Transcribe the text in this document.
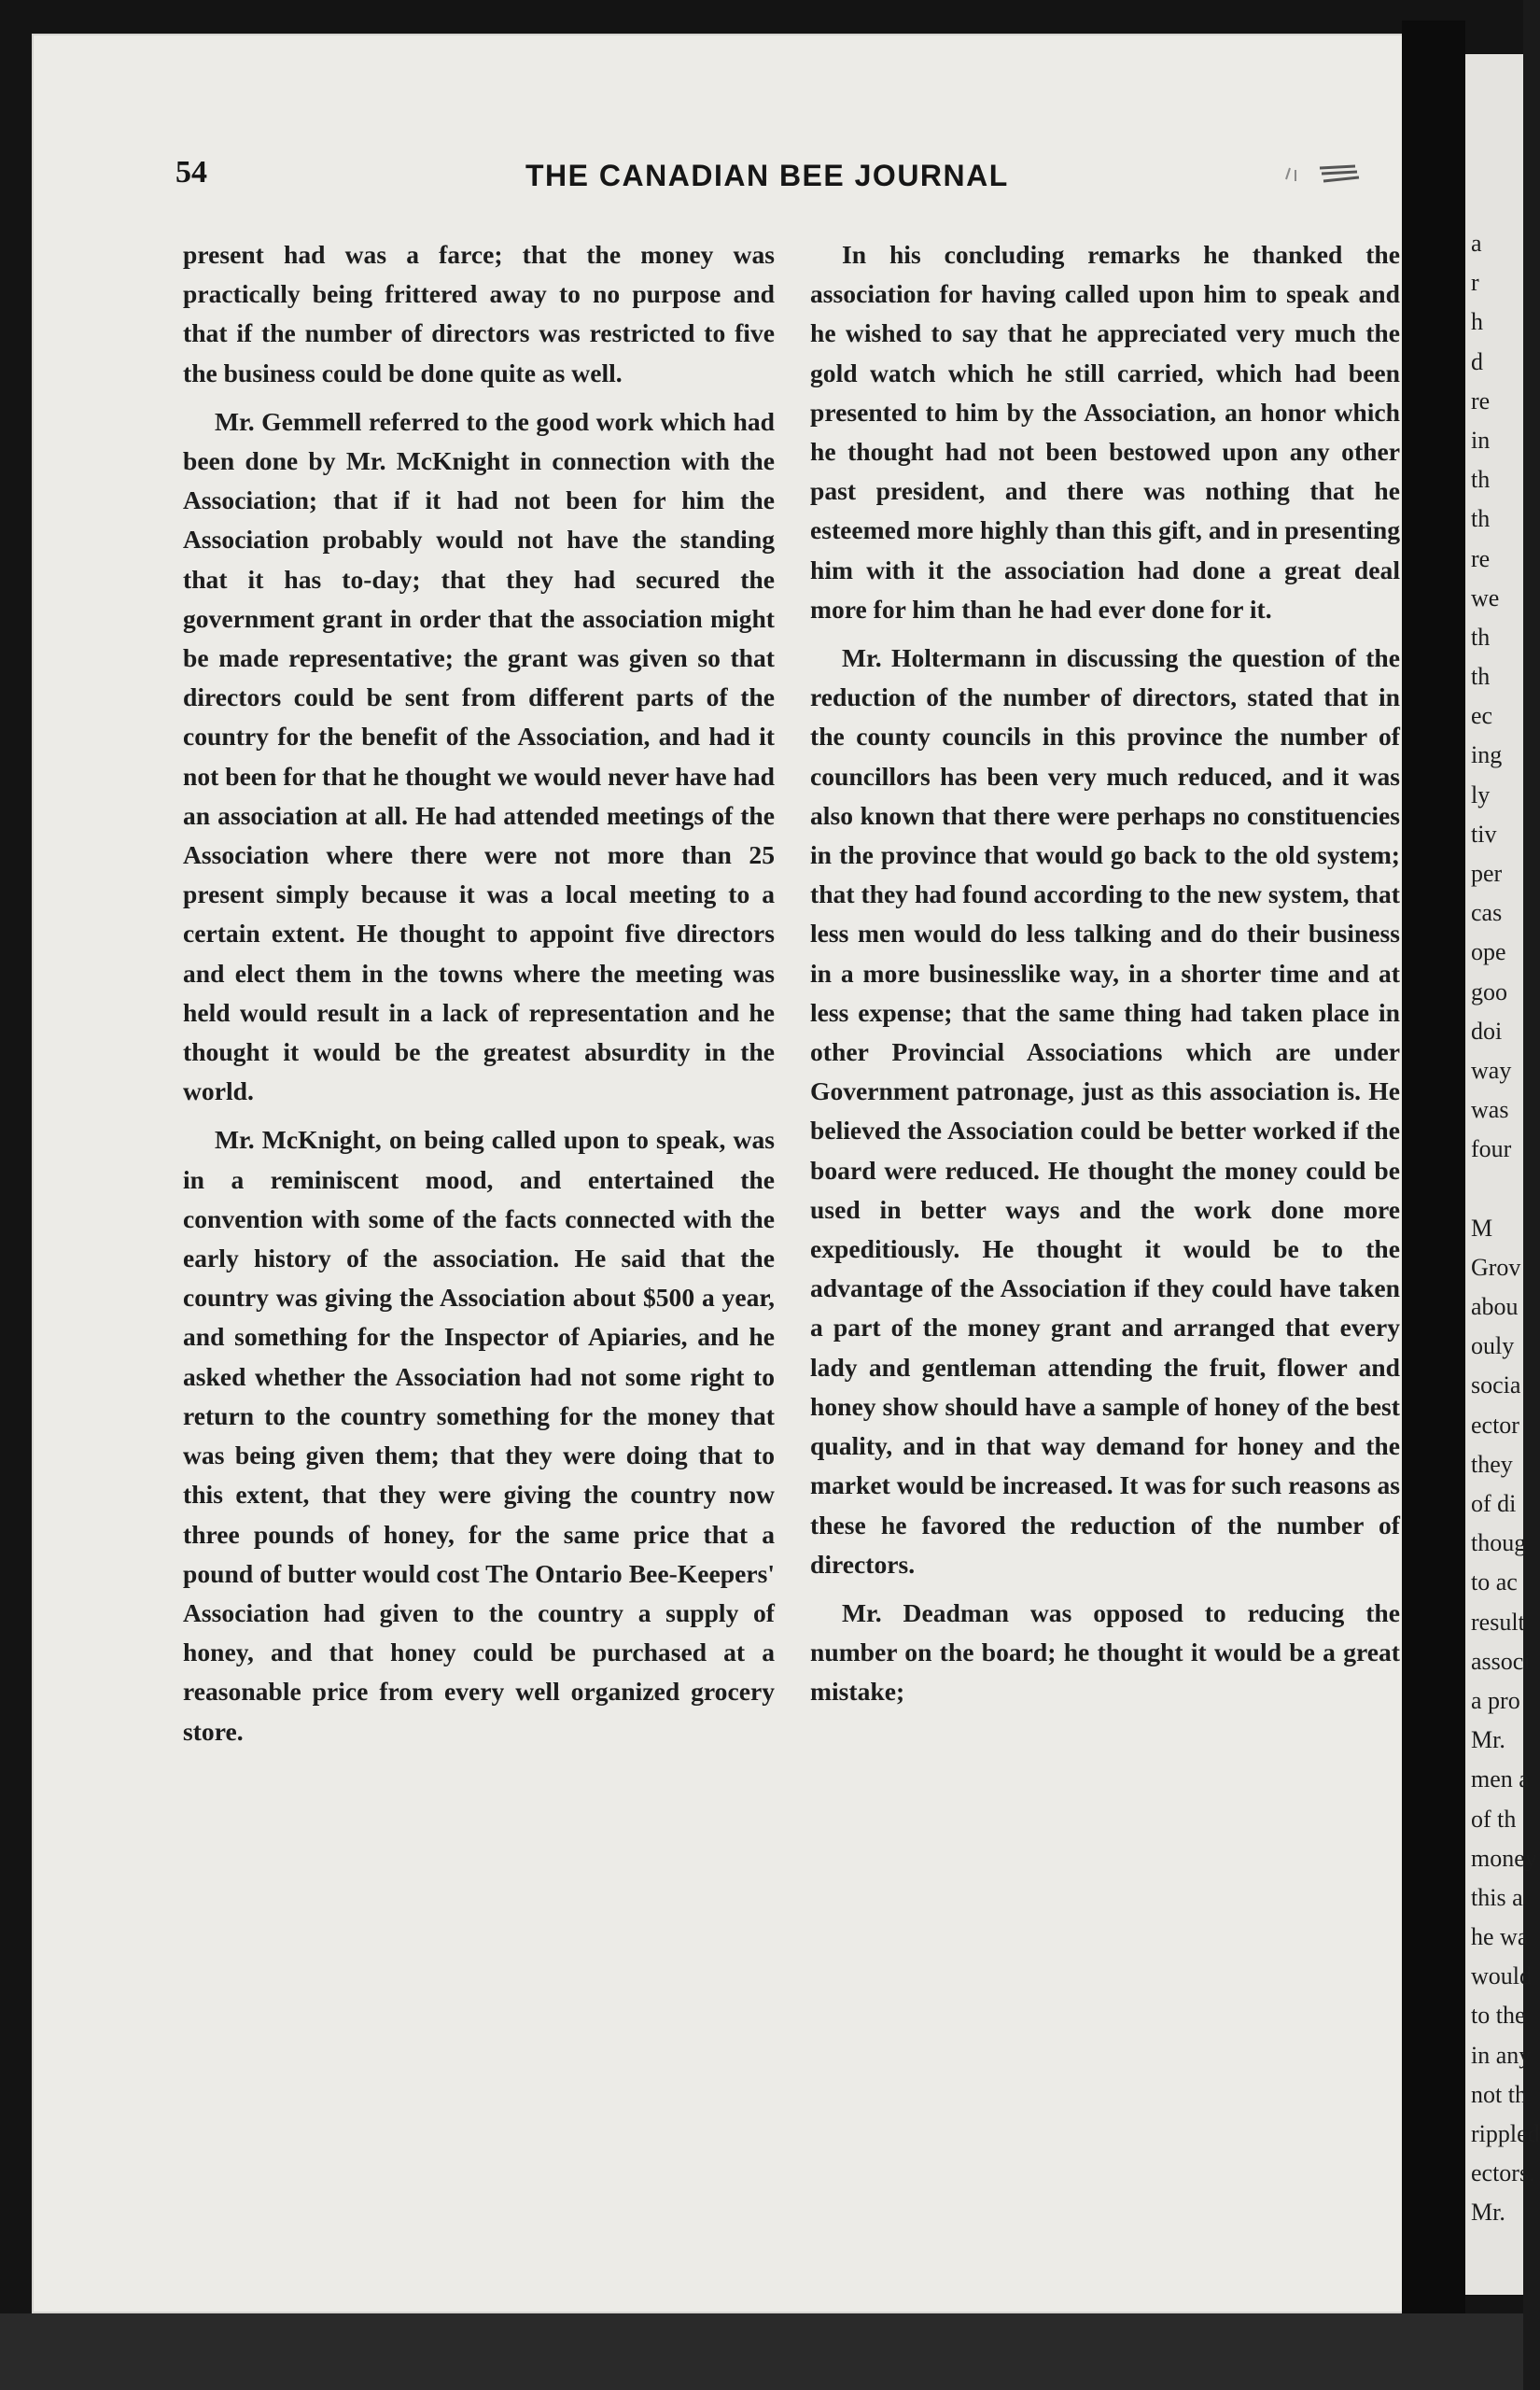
54	THE CANADIAN BEE JOURNAL

present had was a farce; that the money was practically being frittered away to no purpose and that if the number of directors was restricted to five the business could be done quite as well.

Mr. Gemmell referred to the good work which had been done by Mr. McKnight in connection with the Association; that if it had not been for him the Association probably would not have the standing that it has to-day; that they had secured the government grant in order that the association might be made representative; the grant was given so that directors could be sent from different parts of the country for the benefit of the Association, and had it not been for that he thought we would never have had an association at all. He had attended meetings of the Association where there were not more than 25 present simply because it was a local meeting to a certain extent. He thought to appoint five directors and elect them in the towns where the meeting was held would result in a lack of representation and he thought it would be the greatest absurdity in the world.

Mr. McKnight, on being called upon to speak, was in a reminiscent mood, and entertained the convention with some of the facts connected with the early history of the association. He said that the country was giving the Association about $500 a year, and something for the Inspector of Apiaries, and he asked whether the Association had not some right to return to the country something for the money that was being given them; that they were doing that to this extent, that they were giving the country now three pounds of honey, for the same price that a pound of butter would cost The Ontario Bee-Keepers' Association had given to the country a supply of honey, and that honey could be purchased at a reasonable price from every well organized grocery store.

In his concluding remarks he thanked the association for having called upon him to speak and he wished to say that he appreciated very much the gold watch which he still carried, which had been presented to him by the Association, an honor which he thought had not been bestowed upon any other past president, and there was nothing that he esteemed more highly than this gift, and in presenting him with it the association had done a great deal more for him than he had ever done for it.

Mr. Holtermann in discussing the question of the reduction of the number of directors, stated that in the county councils in this province the number of councillors has been very much reduced, and it was also known that there were perhaps no constituencies in the province that would go back to the old system; that they had found according to the new system, that less men would do less talking and do their business in a more businesslike way, in a shorter time and at less expense; that the same thing had taken place in other Provincial Associations which are under Government patronage, just as this association is. He believed the Association could be better worked if the board were reduced. He thought the money could be used in better ways and the work done more expeditiously. He thought it would be to the advantage of the Association if they could have taken a part of the money grant and arranged that every lady and gentleman attending the fruit, flower and honey show should have a sample of honey of the best quality, and in that way demand for honey and the market would be increased. It was for such reasons as these he favored the reduction of the number of directors.

Mr. Deadman was opposed to reducing the number on the board; he thought it would be a great mistake;

a
r
h
d
re
in
th
th
re
we
th
th
ec
ing
ly
tiv
per
cas
ope
goo
doi
way
was
four
M
Grov
abou
ouly
socia
ector
they
of di
thoug
to ac
result
associ
a pro
Mr.
men a
of th
money
this a
he wa
would
to the
in any
not th
rippled
ectors.
Mr.
